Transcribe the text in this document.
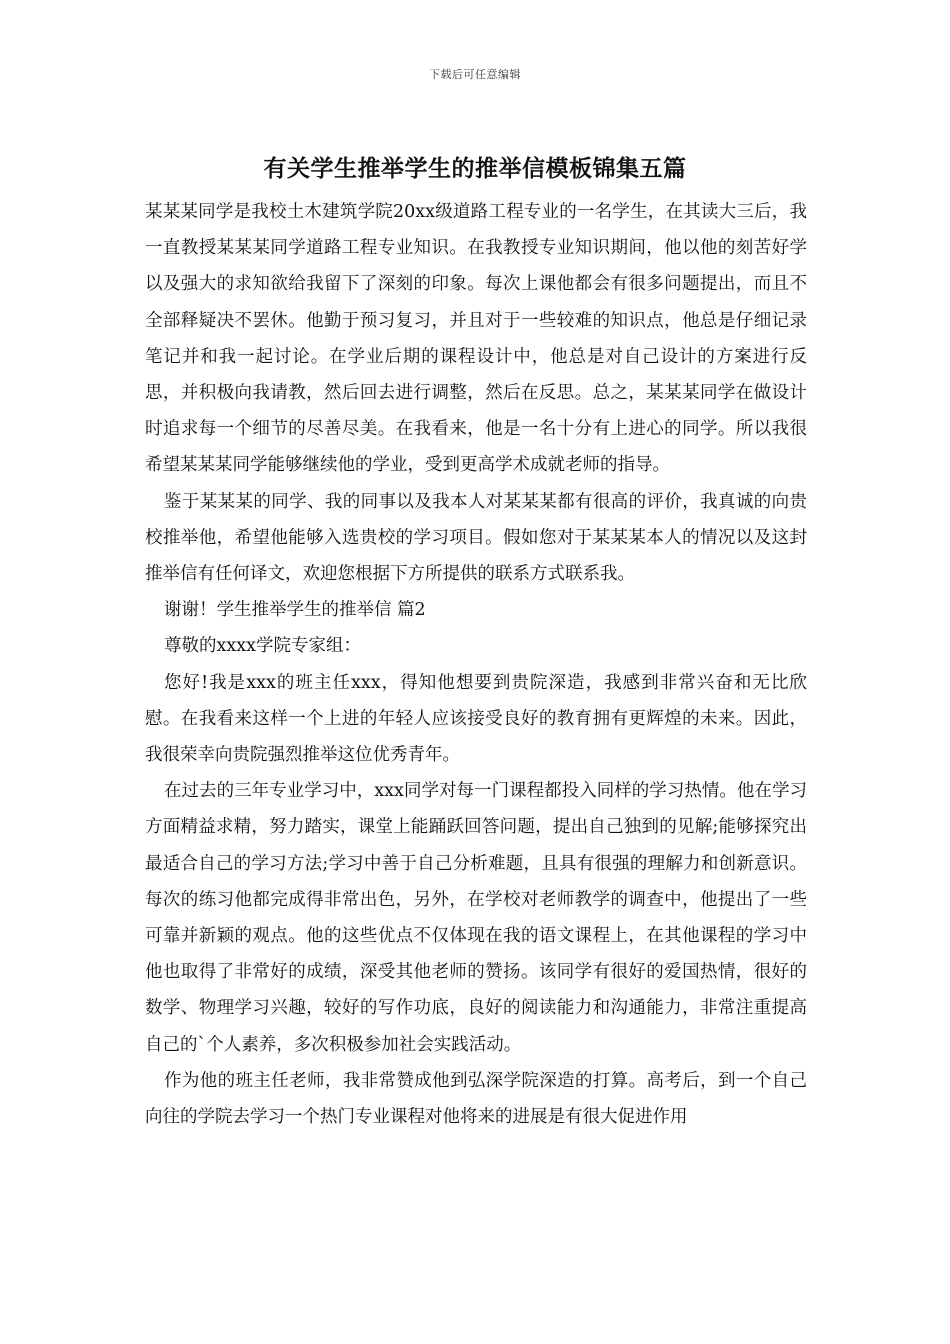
下载后可任意编辑
有关学生推举学生的推举信模板锦集五篇

某某某同学是我校土木建筑学院20xx级道路工程专业的一名学生，在其读大三后，我一直教授某某某同学道路工程专业知识。在我教授专业知识期间，他以他的刻苦好学以及强大的求知欲给我留下了深刻的印象。每次上课他都会有很多问题提出，而且不全部释疑决不罢休。他勤于预习复习，并且对于一些较难的知识点，他总是仔细记录笔记并和我一起讨论。在学业后期的课程设计中，他总是对自己设计的方案进行反思，并积极向我请教，然后回去进行调整，然后在反思。总之，某某某同学在做设计时追求每一个细节的尽善尽美。在我看来，他是一名十分有上进心的同学。所以我很希望某某某同学能够继续他的学业，受到更高学术成就老师的指导。

鉴于某某某的同学、我的同事以及我本人对某某某都有很高的评价，我真诚的向贵校推举他，希望他能够入选贵校的学习项目。假如您对于某某某本人的情况以及这封推举信有任何译文，欢迎您根据下方所提供的联系方式联系我。

谢谢！学生推举学生的推举信 篇2

尊敬的xxxx学院专家组：

您好!我是xxx的班主任xxx，得知他想要到贵院深造，我感到非常兴奋和无比欣慰。在我看来这样一个上进的年轻人应该接受良好的教育拥有更辉煌的未来。因此，我很荣幸向贵院强烈推举这位优秀青年。

在过去的三年专业学习中，xxx同学对每一门课程都投入同样的学习热情。他在学习方面精益求精，努力踏实，课堂上能踊跃回答问题，提出自己独到的见解;能够探究出最适合自己的学习方法;学习中善于自己分析难题，且具有很强的理解力和创新意识。每次的练习他都完成得非常出色，另外，在学校对老师教学的调查中，他提出了一些可靠并新颖的观点。他的这些优点不仅体现在我的语文课程上，在其他课程的学习中他也取得了非常好的成绩，深受其他老师的赞扬。该同学有很好的爱国热情，很好的数学、物理学习兴趣，较好的写作功底，良好的阅读能力和沟通能力，非常注重提高自己的`个人素养，多次积极参加社会实践活动。

作为他的班主任老师，我非常赞成他到弘深学院深造的打算。高考后，到一个自己向往的学院去学习一个热门专业课程对他将来的进展是有很大促进作用
